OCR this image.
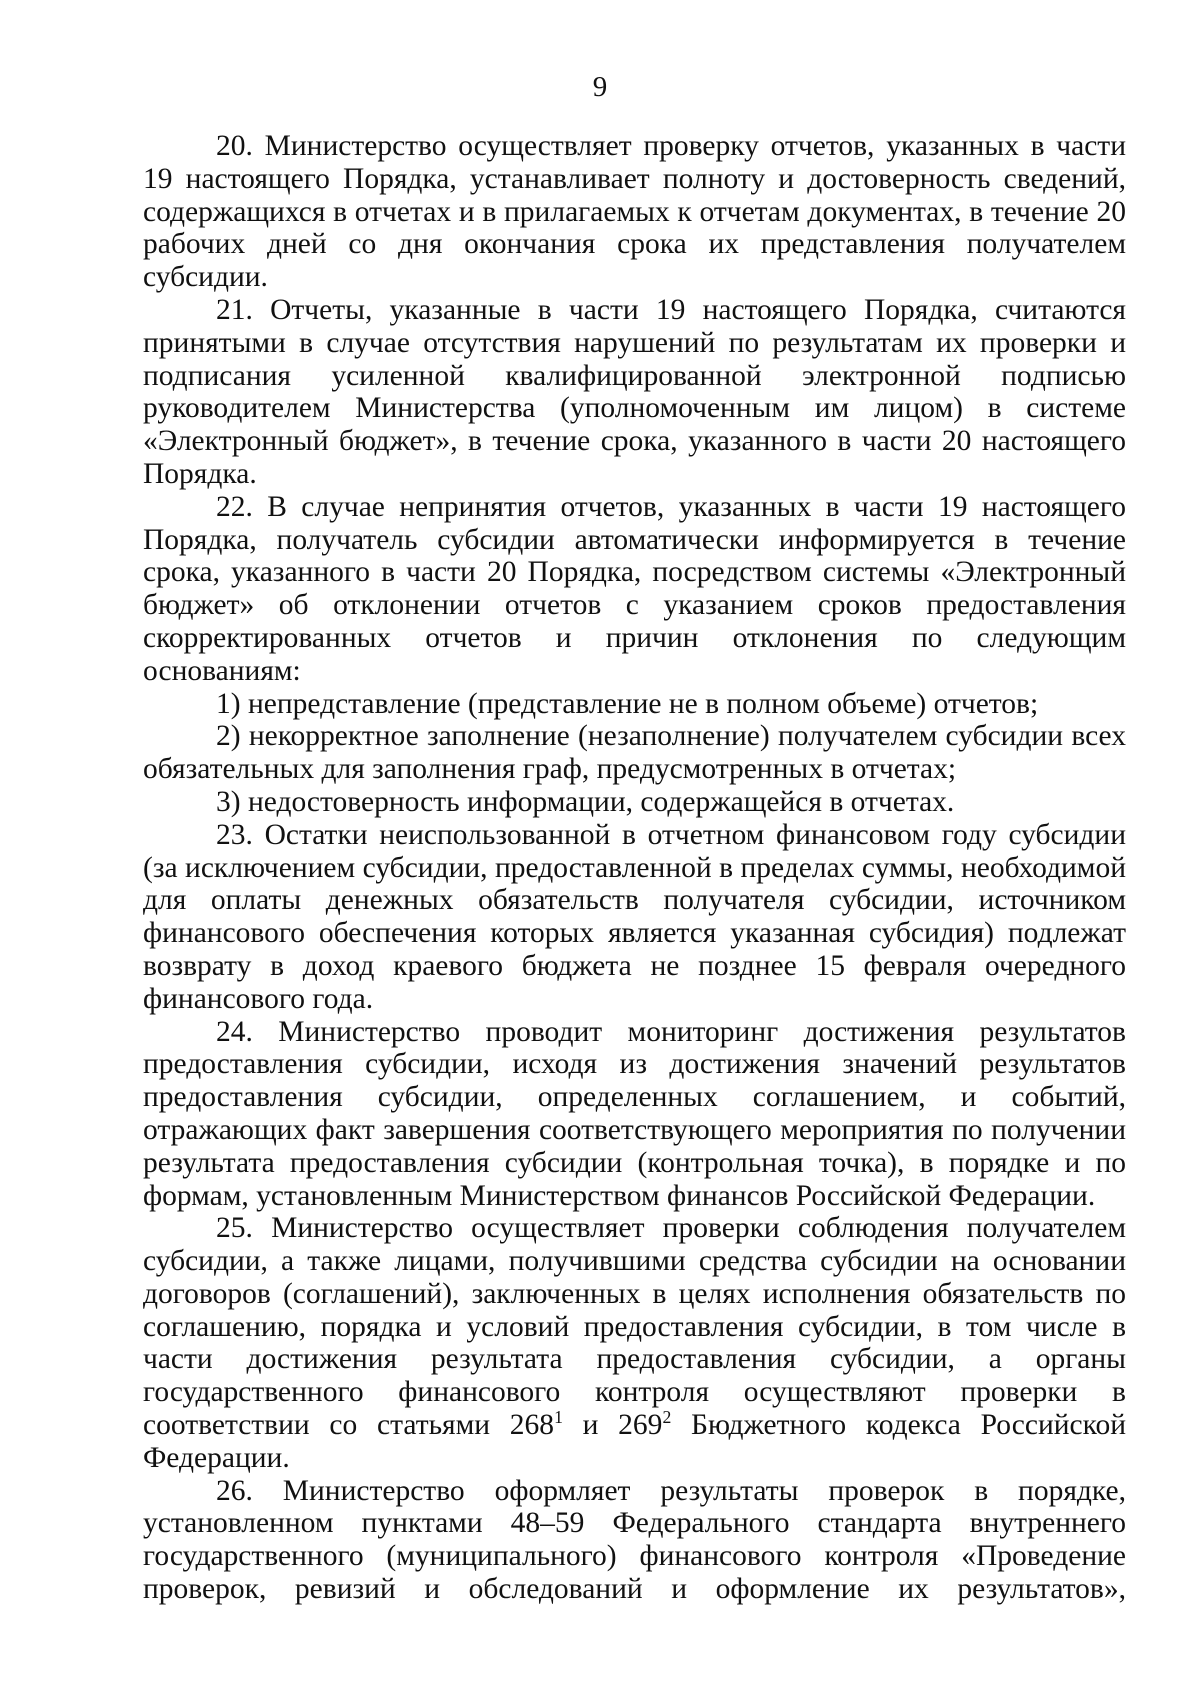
9

20. Министерство осуществляет проверку отчетов, указанных в части 19 настоящего Порядка, устанавливает полноту и достоверность сведений, содержащихся в отчетах и в прилагаемых к отчетам документах, в течение 20 рабочих дней со дня окончания срока их представления получателем субсидии.

21. Отчеты, указанные в части 19 настоящего Порядка, считаются принятыми в случае отсутствия нарушений по результатам их проверки и подписания усиленной квалифицированной электронной подписью руководителем Министерства (уполномоченным им лицом) в системе «Электронный бюджет», в течение срока, указанного в части 20 настоящего Порядка.

22. В случае непринятия отчетов, указанных в части 19 настоящего Порядка, получатель субсидии автоматически информируется в течение срока, указанного в части 20 Порядка, посредством системы «Электронный бюджет» об отклонении отчетов с указанием сроков предоставления скорректированных отчетов и причин отклонения по следующим основаниям:

1) непредставление (представление не в полном объеме) отчетов;

2) некорректное заполнение (незаполнение) получателем субсидии всех обязательных для заполнения граф, предусмотренных в отчетах;

3) недостоверность информации, содержащейся в отчетах.

23. Остатки неиспользованной в отчетном финансовом году субсидии (за исключением субсидии, предоставленной в пределах суммы, необходимой для оплаты денежных обязательств получателя субсидии, источником финансового обеспечения которых является указанная субсидия) подлежат возврату в доход краевого бюджета не позднее 15 февраля очередного финансового года.

24. Министерство проводит мониторинг достижения результатов предоставления субсидии, исходя из достижения значений результатов предоставления субсидии, определенных соглашением, и событий, отражающих факт завершения соответствующего мероприятия по получении результата предоставления субсидии (контрольная точка), в порядке и по формам, установленным Министерством финансов Российской Федерации.

25. Министерство осуществляет проверки соблюдения получателем субсидии, а также лицами, получившими средства субсидии на основании договоров (соглашений), заключенных в целях исполнения обязательств по соглашению, порядка и условий предоставления субсидии, в том числе в части достижения результата предоставления субсидии, а органы государственного финансового контроля осуществляют проверки в соответствии со статьями $268^1$ и $269^2$ Бюджетного кодекса Российской Федерации.

26. Министерство оформляет результаты проверок в порядке, установленном пунктами 48–59 Федерального стандарта внутреннего государственного (муниципального) финансового контроля «Проведение проверок, ревизий и обследований и оформление их результатов»,
